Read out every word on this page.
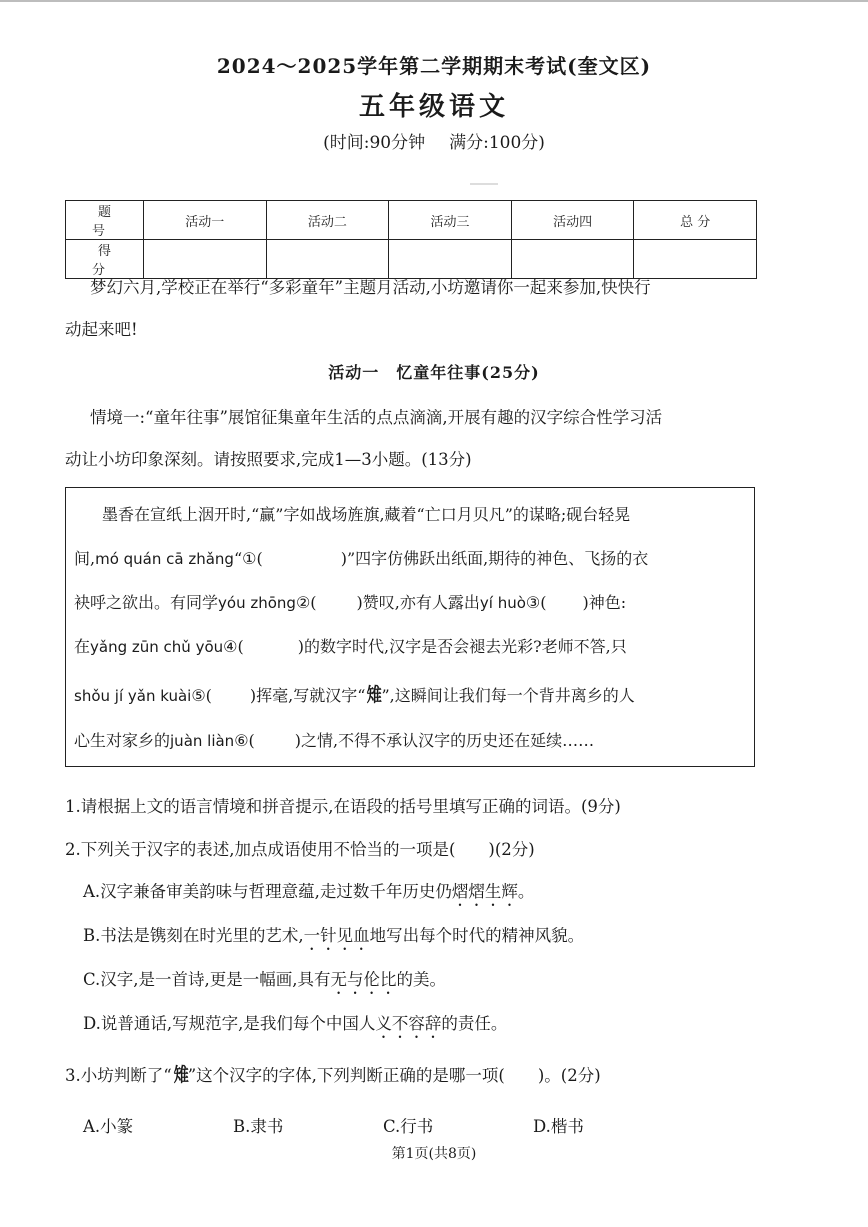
2024～2025学年第二学期期末考试(奎文区)
五年级语文
(时间:90分钟 满分:100分)
题 号	活动一	活动二	活动三	活动四	总 分
得 分					
梦幻六月,学校正在举行“多彩童年”主题月活动,小坊邀请你一起来参加,快快行
动起来吧!
活动一　忆童年往事(25分)
情境一:“童年往事”展馆征集童年生活的点点滴滴,开展有趣的汉字综合性学习活
动让小坊印象深刻。请按照要求,完成1—3小题。(13分)
墨香在宣纸上洇开时,“赢”字如战场旌旗,藏着“亡口月贝凡”的谋略;砚台轻晃
间,mó quán cā zhǎng“①(	)”四字仿佛跃出纸面,期待的神色、飞扬的衣
袂呼之欲出。有同学yóu zhōng②(	)赞叹,亦有人露出yí huò③( )神色:
在yǎng zūn chǔ yōu④(	)的数字时代,汉字是否会褪去光彩?老师不答,只
shǒu jí yǎn kuài⑤( )挥毫,写就汉字“雉 ”,这瞬间让我们每一个背井离乡的人
心生对家乡的juàn liàn⑥(	)之情,不得不承认汉字的历史还在延续……
1.请根据上文的语言情境和拼音提示,在语段的括号里填写正确的词语。(9分)
2.下列关于汉字的表述,加点成语使用不恰当的一项是(　　)(2分)
A.汉字兼备审美韵味与哲理意蕴,走过数千年历史仍熠熠生辉。
B.书法是镌刻在时光里的艺术,一针见血地写出每个时代的精神风貌。
C.汉字,是一首诗,更是一幅画,具有无与伦比的美。
D.说普通话,写规范字,是我们每个中国人义不容辞的责任。
3.小坊判断了“雉”这个汉字的字体,下列判断正确的是哪一项(　　)。(2分)
A.小篆	B.隶书	C.行书	D.楷书
第1页(共8页)
